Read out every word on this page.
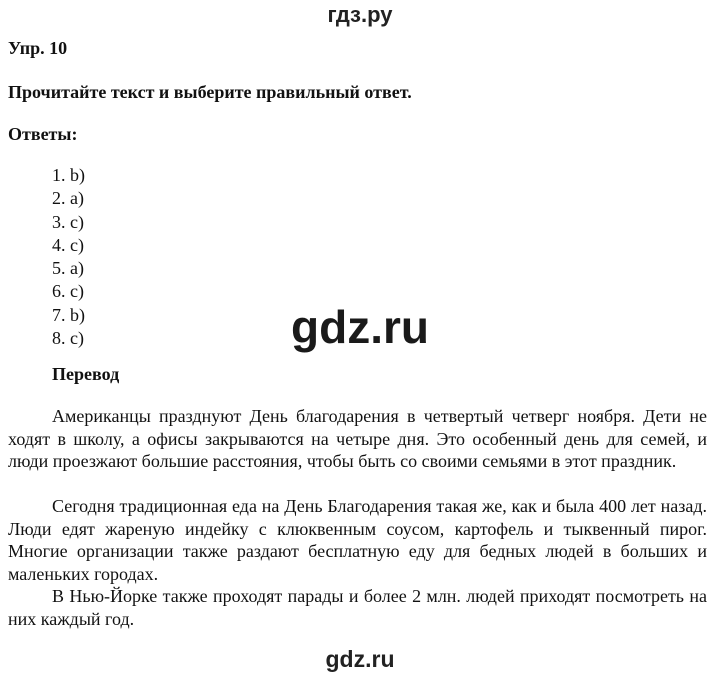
гдз.ру
Упр. 10
Прочитайте текст и выберите правильный ответ.
Ответы:
1. b)
2. a)
3. c)
4. c)
5. a)
6. c)
7. b)
8. c)	gdz.ru
Перевод

Американцы празднуют День благодарения в четвертый четверг ноября. Дети не ходят в школу, а офисы закрываются на четыре дня. Это особенный день для семей, и люди проезжают большие расстояния, чтобы быть со своими семьями в этот праздник.

Сегодня традиционная еда на День Благодарения такая же, как и была 400 лет назад. Люди едят жареную индейку с клюквенным соусом, картофель и тыквенный пирог. Многие организации также раздают бесплатную еду для бедных людей в больших и маленьких городах.

В Нью-Йорке также проходят парады и более 2 млн. людей приходят посмотреть на них каждый год.

gdz.ru
